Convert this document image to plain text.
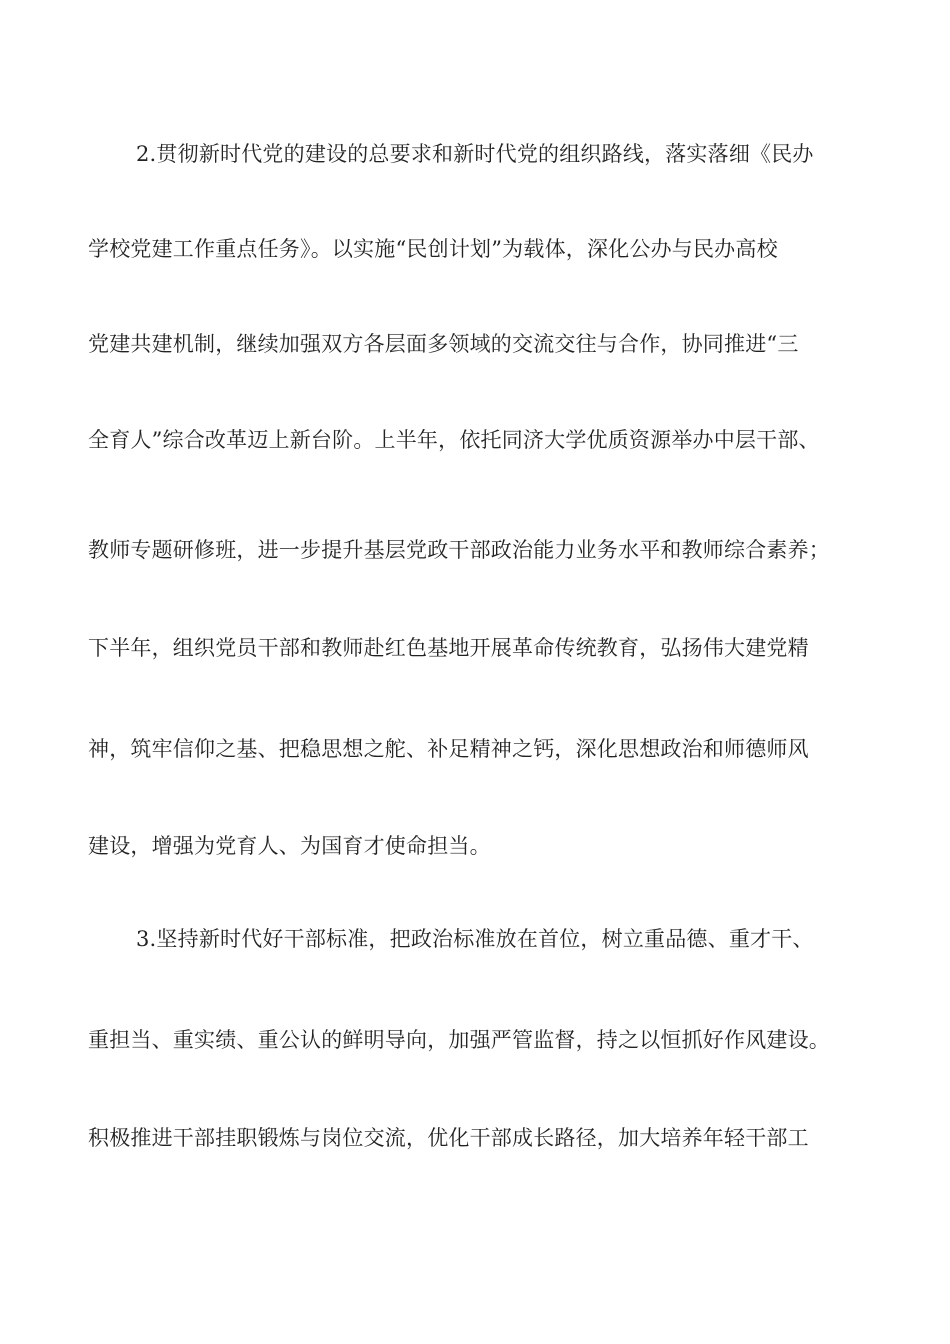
2.贯彻新时代党的建设的总要求和新时代党的组织路线，落实落细《民办
学校党建工作重点任务》。以实施“民创计划”为载体，深化公办与民办高校
党建共建机制，继续加强双方各层面多领域的交流交往与合作，协同推进“三
全育人”综合改革迈上新台阶。上半年，依托同济大学优质资源举办中层干部、
教师专题研修班，进一步提升基层党政干部政治能力业务水平和教师综合素养；
下半年，组织党员干部和教师赴红色基地开展革命传统教育，弘扬伟大建党精
神，筑牢信仰之基、把稳思想之舵、补足精神之钙，深化思想政治和师德师风
建设，增强为党育人、为国育才使命担当。
3.坚持新时代好干部标准，把政治标准放在首位，树立重品德、重才干、
重担当、重实绩、重公认的鲜明导向，加强严管监督，持之以恒抓好作风建设。
积极推进干部挂职锻炼与岗位交流，优化干部成长路径，加大培养年轻干部工
